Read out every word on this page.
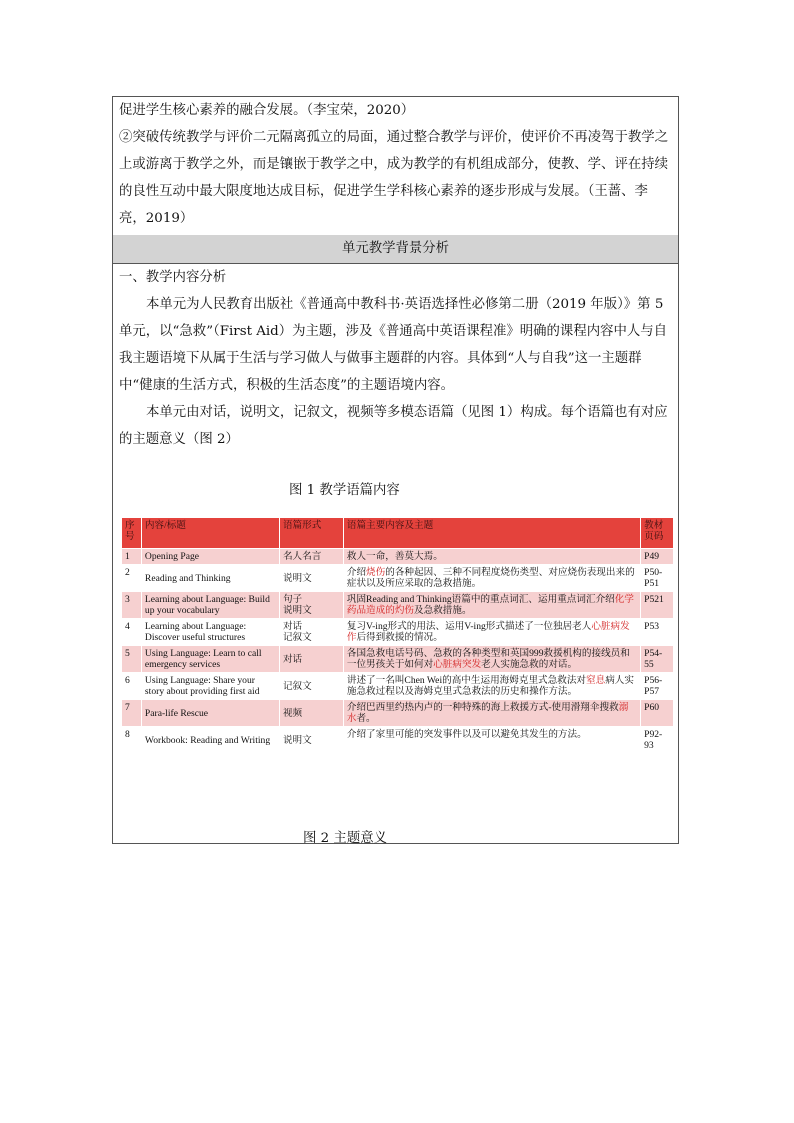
促进学生核心素养的融合发展。（李宝荣，2020）

②突破传统教学与评价二元隔离孤立的局面，通过整合教学与评价，使评价不再凌驾于教学之上或游离于教学之外，而是镶嵌于教学之中，成为教学的有机组成部分，使教、学、评在持续的良性互动中最大限度地达成目标，促进学生学科核心素养的逐步形成与发展。（王蔷、李亮，2019）

单元教学背景分析

一、教学内容分析

本单元为人民教育出版社《普通高中教科书·英语选择性必修第二册（2019 年版）》第 5 单元，以“急救”（First Aid）为主题，涉及《普通高中英语课程准》明确的课程内容中人与自我主题语境下从属于生活与学习做人与做事主题群的内容。具体到“人与自我”这一主题群中“健康的生活方式，积极的生活态度”的主题语境内容。

本单元由对话，说明文，记叙文，视频等多模态语篇（见图 1）构成。每个语篇也有对应的主题意义（图 2）

图 1 教学语篇内容
序号	内容/标题	语篇形式	语篇主要内容及主题	教材页码
1	Opening Page	名人名言	救人一命，善莫大焉。	P49
2	Reading and Thinking	说明文	介绍烧伤的各种起因、三种不同程度烧伤类型、对应烧伤表现出来的症状以及所应采取的急救措施。	P50-P51
3	Learning about Language: Build up your vocabulary	句子
说明文	巩固Reading and Thinking语篇中的重点词汇、运用重点词汇介绍化学药品造成的灼伤及急救措施。	P521
4	Learning about Language: Discover useful structures	对话
记叙文	复习V-ing形式的用法、运用V-ing形式描述了一位独居老人心脏病发作后得到救援的情况。	P53
5	Using Language: Learn to call emergency services	对话	各国急救电话号码、急救的各种类型和英国999救援机构的接线员和一位男孩关于如何对心脏病突发老人实施急救的对话。	P54-55
6	Using Language: Share your story about providing first aid	记叙文	讲述了一名叫Chen Wei的高中生运用海姆克里式急救法对窒息病人实施急救过程以及海姆克里式急救法的历史和操作方法。	P56-P57
7	Para-life Rescue	视频	介绍巴西里约热内卢的一种特殊的海上救援方式-使用滑翔伞搜救溺水者。	P60
8	Workbook: Reading and Writing	说明文	介绍了家里可能的突发事件以及可以避免其发生的方法。	P92-93
图 2 主题意义
